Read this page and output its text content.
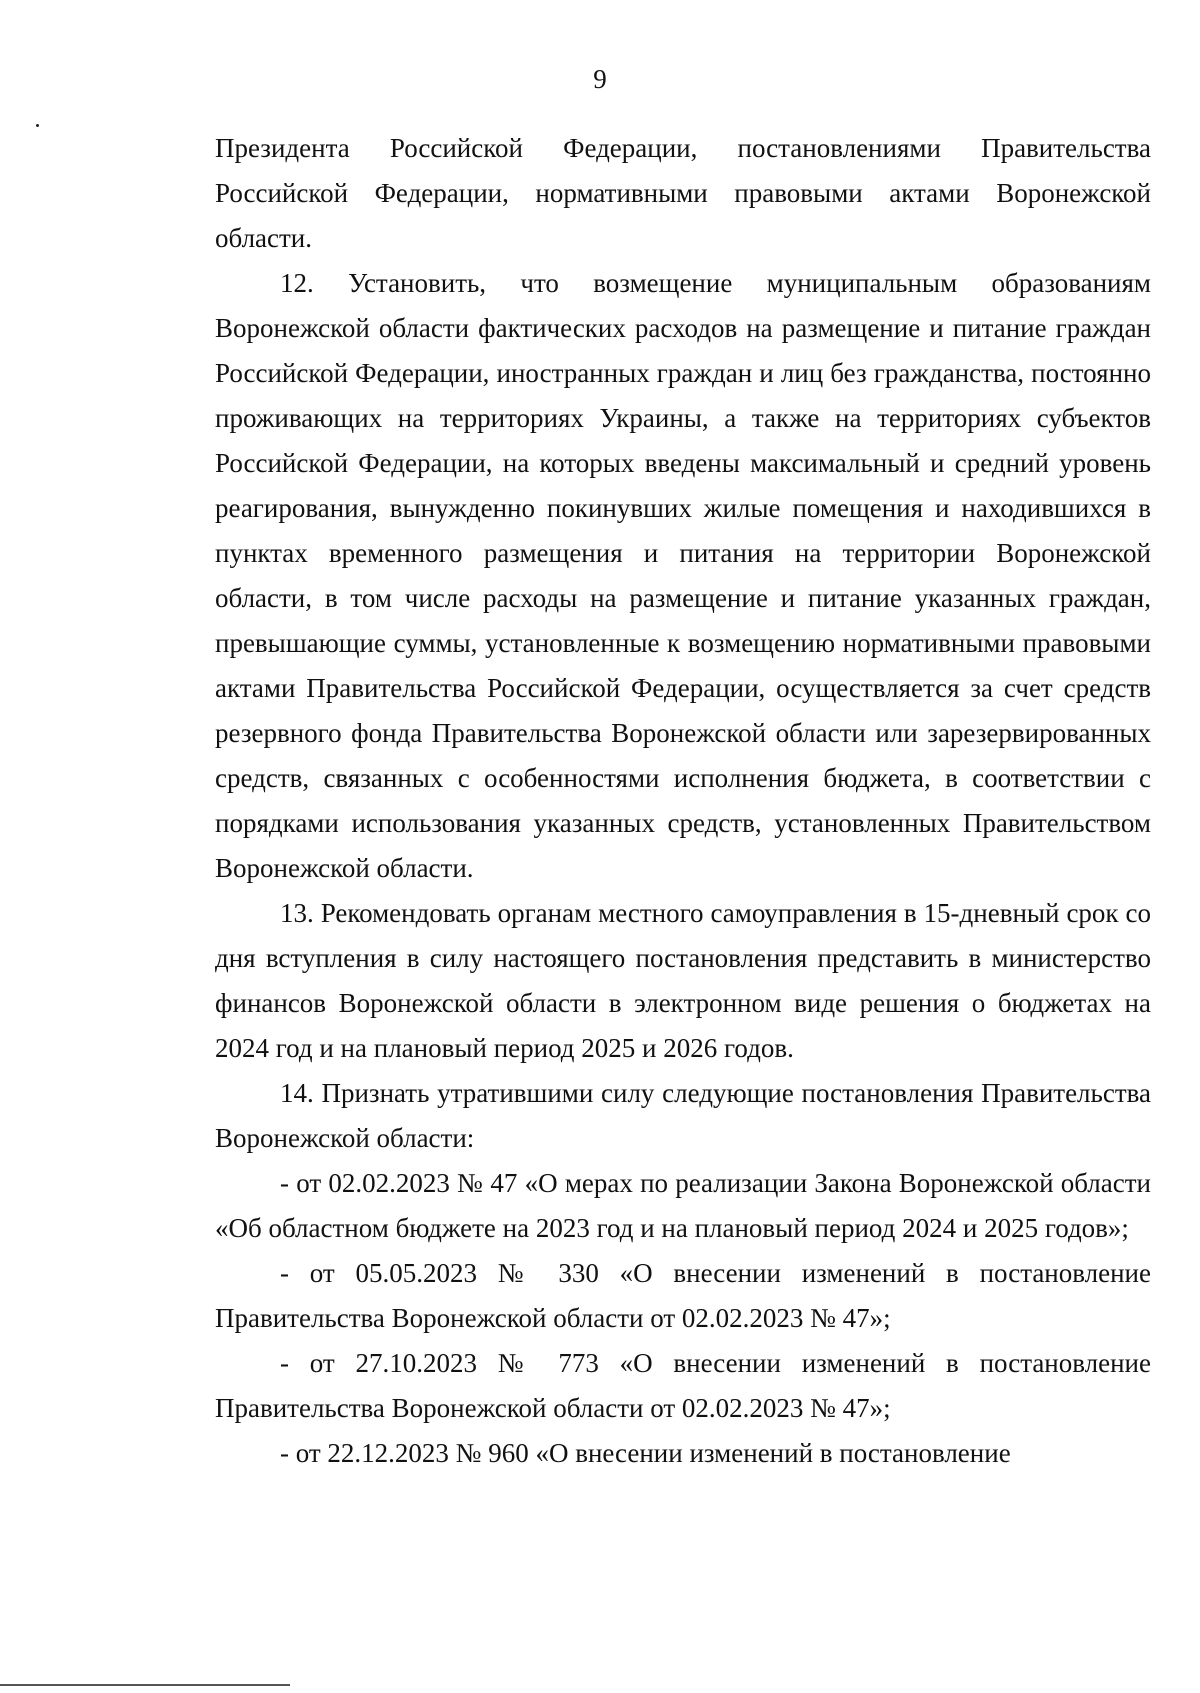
9

Президента Российской Федерации, постановлениями Правительства Российской Федерации, нормативными правовыми актами Воронежской области.

12. Установить, что возмещение муниципальным образованиям Воронежской области фактических расходов на размещение и питание граждан Российской Федерации, иностранных граждан и лиц без гражданства, постоянно проживающих на территориях Украины, а также на территориях субъектов Российской Федерации, на которых введены максимальный и средний уровень реагирования, вынужденно покинувших жилые помещения и находившихся в пунктах временного размещения и питания на территории Воронежской области, в том числе расходы на размещение и питание указанных граждан, превышающие суммы, установленные к возмещению нормативными правовыми актами Правительства Российской Федерации, осуществляется за счет средств резервного фонда Правительства Воронежской области или зарезервированных средств, связанных с особенностями исполнения бюджета, в соответствии с порядками использования указанных средств, установленных Правительством Воронежской области.

13. Рекомендовать органам местного самоуправления в 15-дневный срок со дня вступления в силу настоящего постановления представить в министерство финансов Воронежской области в электронном виде решения о бюджетах на 2024 год и на плановый период 2025 и 2026 годов.

14. Признать утратившими силу следующие постановления Правительства Воронежской области:

- от 02.02.2023 № 47 «О мерах по реализации Закона Воронежской области «Об областном бюджете на 2023 год и на плановый период 2024 и 2025 годов»;

- от 05.05.2023 № 330 «О внесении изменений в постановление Правительства Воронежской области от 02.02.2023 № 47»;

- от 27.10.2023 № 773 «О внесении изменений в постановление Правительства Воронежской области от 02.02.2023 № 47»;

- от 22.12.2023 № 960 «О внесении изменений в постановление
